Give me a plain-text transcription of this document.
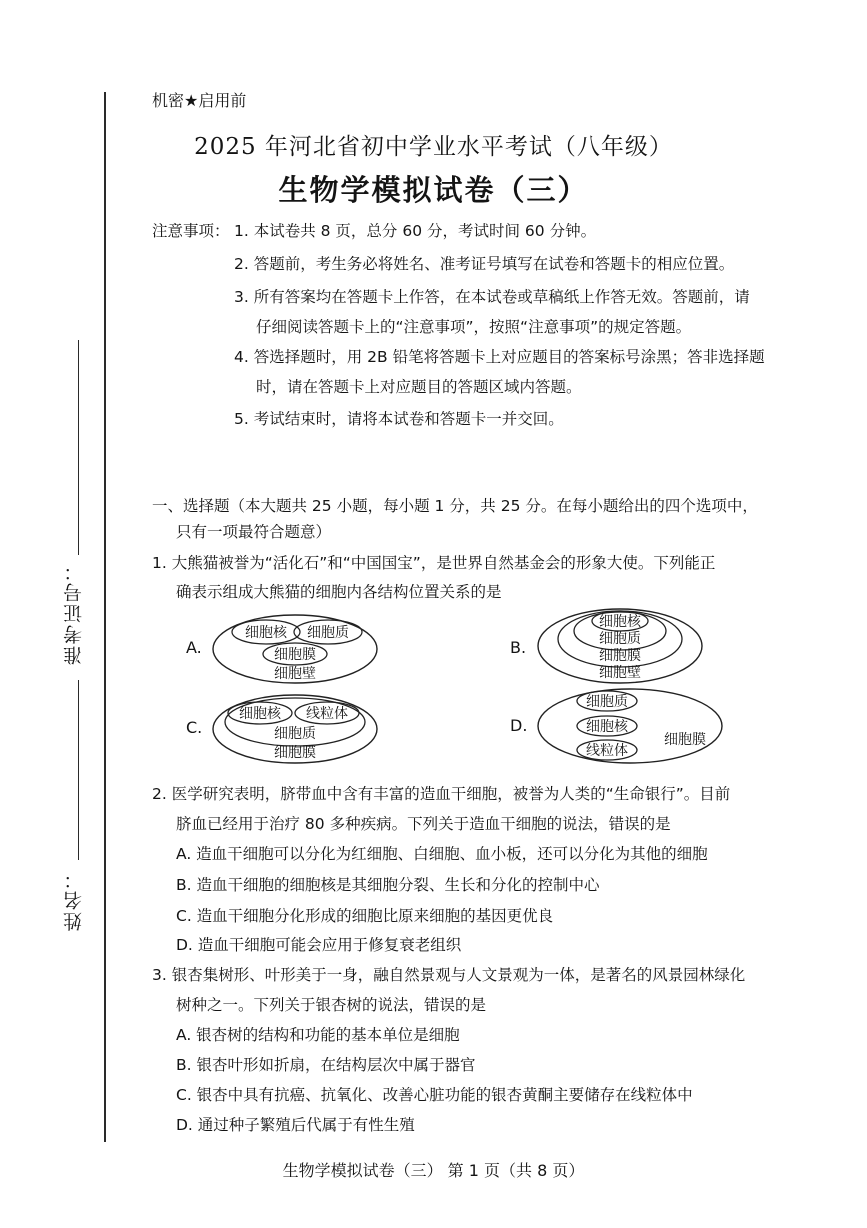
准考证号：
姓名：
机密★启用前
2025 年河北省初中学业水平考试（八年级）
生物学模拟试卷（三）
注意事项： 1. 本试卷共 8 页，总分 60 分，考试时间 60 分钟。
2. 答题前，考生务必将姓名、准考证号填写在试卷和答题卡的相应位置。
3. 所有答案均在答题卡上作答，在本试卷或草稿纸上作答无效。答题前，请
仔细阅读答题卡上的“注意事项”，按照“注意事项”的规定答题。
4. 答选择题时，用 2B 铅笔将答题卡上对应题目的答案标号涂黑；答非选择题
时，请在答题卡上对应题目的答题区域内答题。
5. 考试结束时，请将本试卷和答题卡一并交回。
一、选择题（本大题共 25 小题，每小题 1 分，共 25 分。在每小题给出的四个选项中，
只有一项最符合题意）
1. 大熊猫被誉为“活化石”和“中国国宝”，是世界自然基金会的形象大使。下列能正
确表示组成大熊猫的细胞内各结构位置关系的是
A.
细胞核 细胞质
细胞膜
细胞壁
B.
细胞核
细胞质
细胞膜
细胞壁
C.
细胞核 线粒体
细胞质
细胞膜
D.
细胞质
细胞核
线粒体
细胞膜
2. 医学研究表明，脐带血中含有丰富的造血干细胞，被誉为人类的“生命银行”。目前
脐血已经用于治疗 80 多种疾病。下列关于造血干细胞的说法，错误的是
A. 造血干细胞可以分化为红细胞、白细胞、血小板，还可以分化为其他的细胞
B. 造血干细胞的细胞核是其细胞分裂、生长和分化的控制中心
C. 造血干细胞分化形成的细胞比原来细胞的基因更优良
D. 造血干细胞可能会应用于修复衰老组织
3. 银杏集树形、叶形美于一身，融自然景观与人文景观为一体，是著名的风景园林绿化
树种之一。下列关于银杏树的说法，错误的是
A. 银杏树的结构和功能的基本单位是细胞
B. 银杏叶形如折扇，在结构层次中属于器官
C. 银杏中具有抗癌、抗氧化、改善心脏功能的银杏黄酮主要储存在线粒体中
D. 通过种子繁殖后代属于有性生殖
生物学模拟试卷（三） 第 1 页（共 8 页）
